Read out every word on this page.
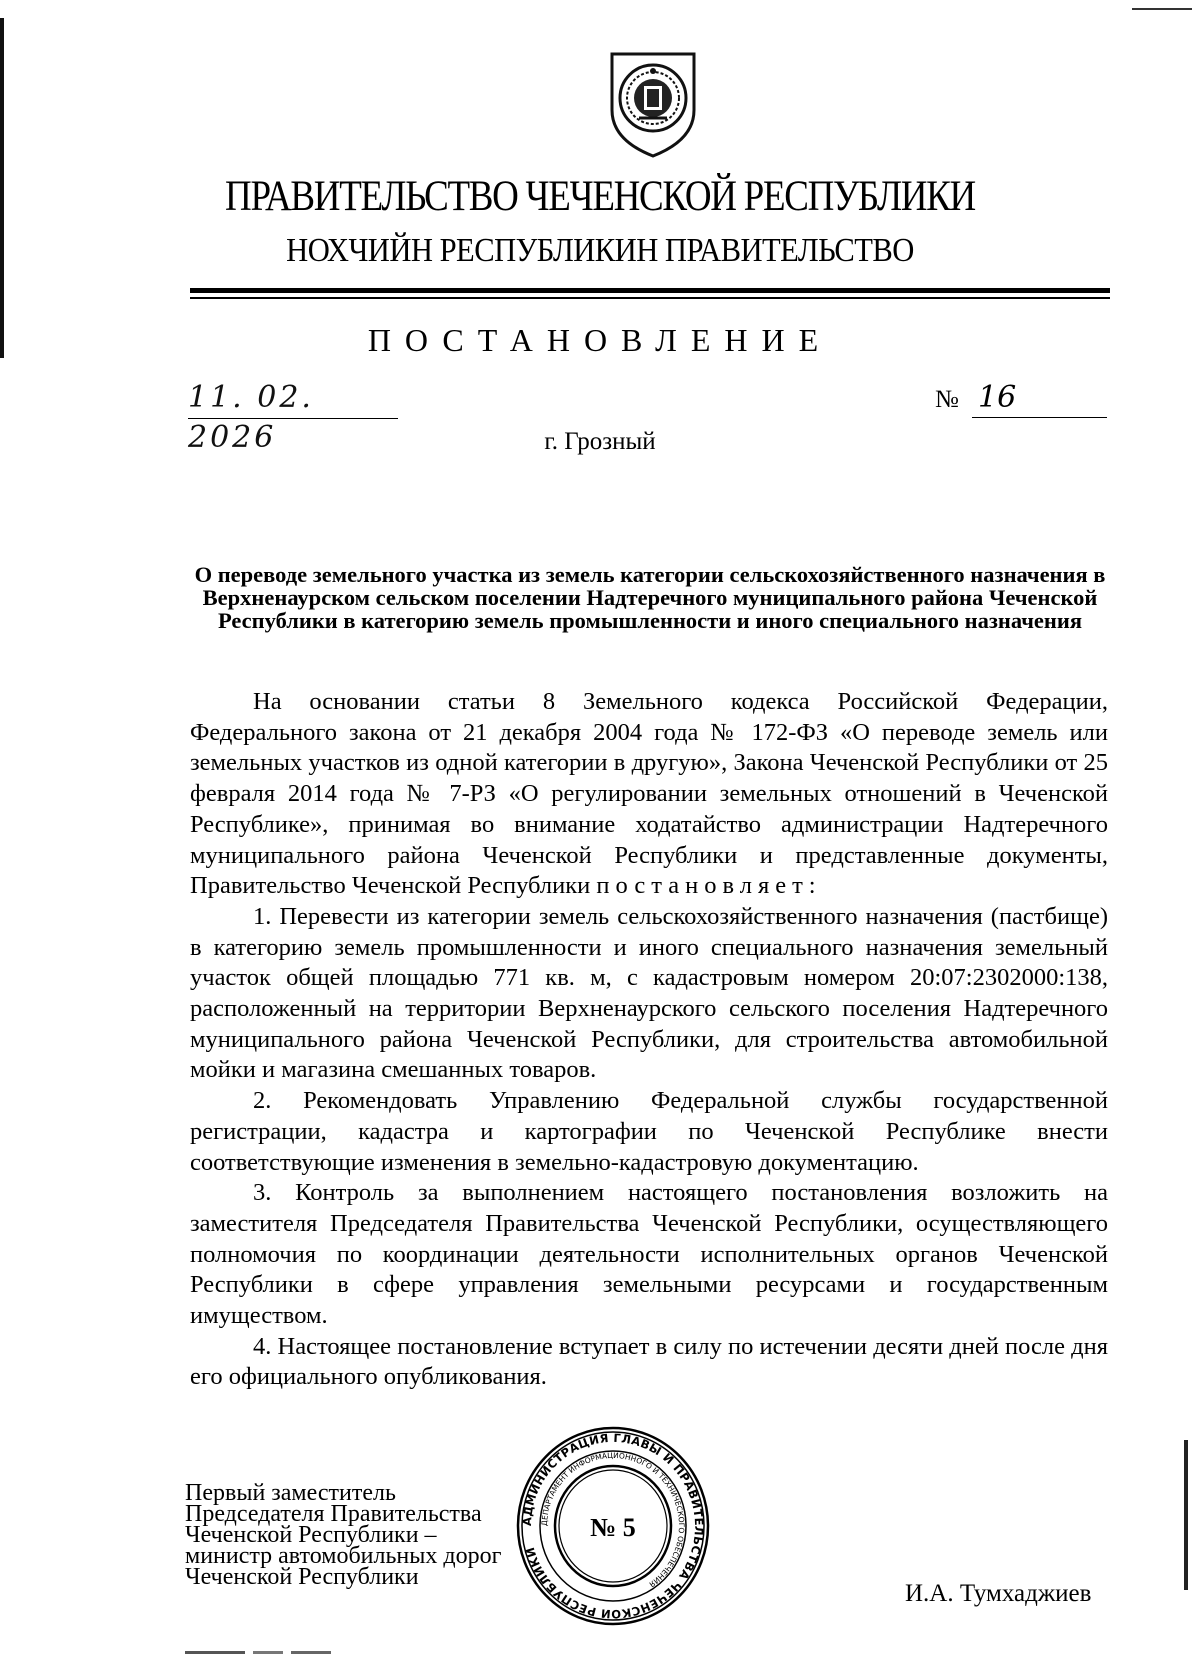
ПРАВИТЕЛЬСТВО ЧЕЧЕНСКОЙ РЕСПУБЛИКИ
НОХЧИЙН РЕСПУБЛИКИН ПРАВИТЕЛЬСТВО
ПОСТАНОВЛЕНИЕ
11. 02. 2026
№ 16
г. Грозный
О переводе земельного участка из земель категории сельскохозяйственного назначения в Верхненаурском сельском поселении Надтеречного муниципального района Чеченской Республики в категорию земель промышленности и иного специального назначения

На основании статьи 8 Земельного кодекса Российской Федерации, Федерального закона от 21 декабря 2004 года № 172-ФЗ «О переводе земель или земельных участков из одной категории в другую», Закона Чеченской Республики от 25 февраля 2014 года № 7-РЗ «О регулировании земельных отношений в Чеченской Республике», принимая во внимание ходатайство администрации Надтеречного муниципального района Чеченской Республики и представленные документы, Правительство Чеченской Республики постановляет:

1. Перевести из категории земель сельскохозяйственного назначения (пастбище) в категорию земель промышленности и иного специального назначения земельный участок общей площадью 771 кв. м, с кадастровым номером 20:07:2302000:138, расположенный на территории Верхненаурского сельского поселения Надтеречного муниципального района Чеченской Республики, для строительства автомобильной мойки и магазина смешанных товаров.

2. Рекомендовать Управлению Федеральной службы государственной регистрации, кадастра и картографии по Чеченской Республике внести соответствующие изменения в земельно-кадастровую документацию.

3. Контроль за выполнением настоящего постановления возложить на заместителя Председателя Правительства Чеченской Республики, осуществляющего полномочия по координации деятельности исполнительных органов Чеченской Республики в сфере управления земельными ресурсами и государственным имуществом.

4. Настоящее постановление вступает в силу по истечении десяти дней после дня его официального опубликования.

Первый заместитель
Председателя Правительства
Чеченской Республики –
министр автомобильных дорог
Чеченской Республики
И.А. Тумхаджиев
АДМИНИСТРАЦИЯ ГЛАВЫ И ПРАВИТЕЛЬСТВА ЧЕЧЕНСКОЙ РЕСПУБЛИКИ
ДЕПАРТАМЕНТ ИНФОРМАЦИОННОГО И ТЕХНИЧЕСКОГО ОБЕСПЕЧЕНИЯ
№ 5
